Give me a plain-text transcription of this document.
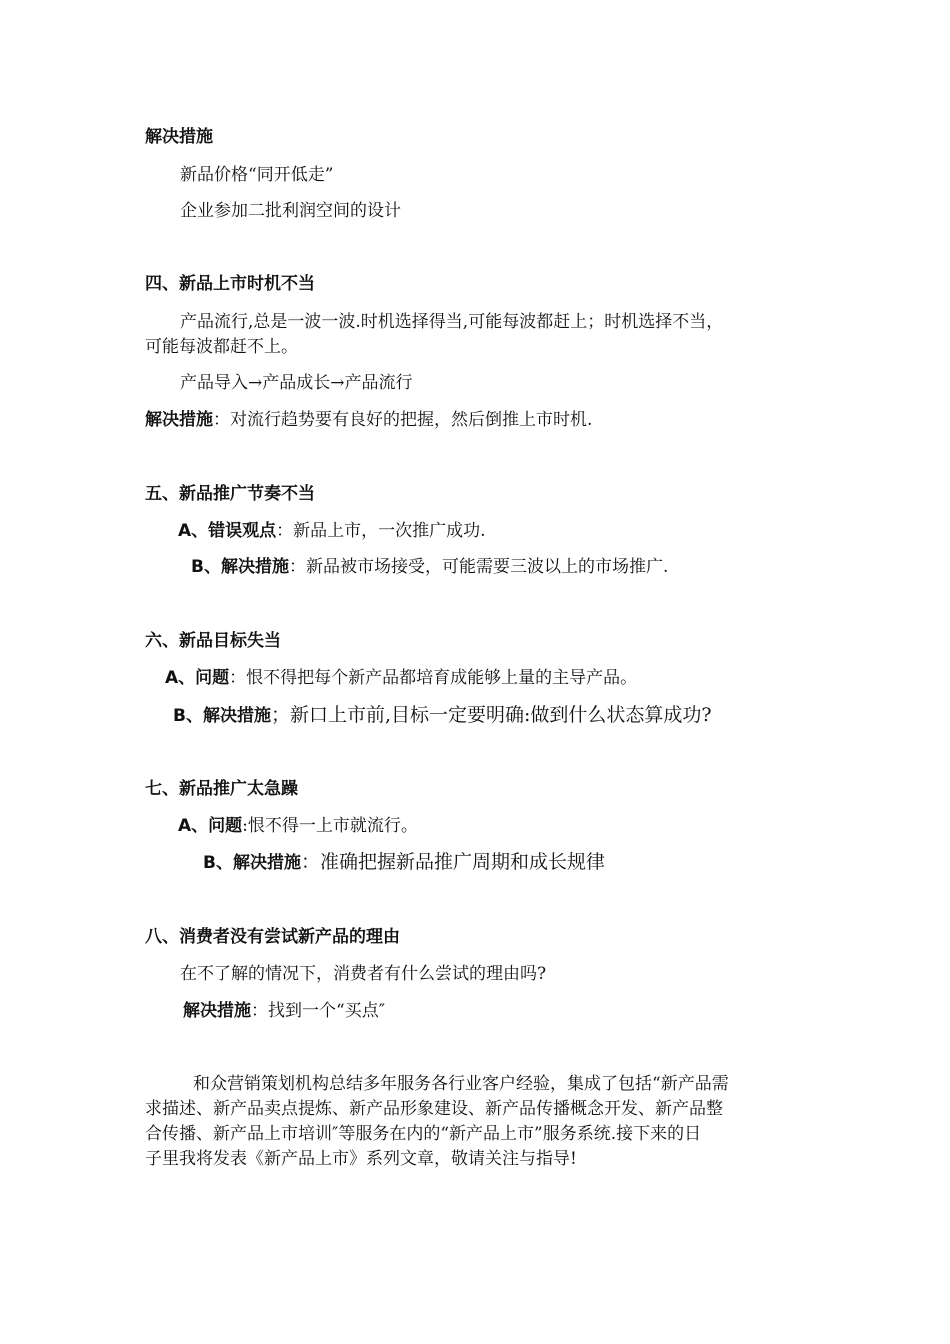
解决措施
新品价格“同开低走”
企业参加二批利润空间的设计
四、新品上市时机不当
产品流行,总是一波一波.时机选择得当,可能每波都赶上；时机选择不当，
可能每波都赶不上。
产品导入→产品成长→产品流行
解决措施：对流行趋势要有良好的把握，然后倒推上市时机.
五、新品推广节奏不当
A、错误观点：新品上市，一次推广成功.
B、解决措施：新品被市场接受，可能需要三波以上的市场推广.
六、新品目标失当
A、问题：恨不得把每个新产品都培育成能够上量的主导产品。
B、解决措施；新口上市前,目标一定要明确:做到什么状态算成功?
七、新品推广太急躁
A、问题:恨不得一上市就流行。
B、解决措施：准确把握新品推广周期和成长规律
八、消费者没有尝试新产品的理由
在不了解的情况下，消费者有什么尝试的理由吗?
解决措施：找到一个“买点″
和众营销策划机构总结多年服务各行业客户经验，集成了包括“新产品需
求描述、新产品卖点提炼、新产品形象建设、新产品传播概念开发、新产品整
合传播、新产品上市培训″等服务在内的“新产品上市”服务系统.接下来的日
子里我将发表《新产品上市》系列文章，敬请关注与指导!
